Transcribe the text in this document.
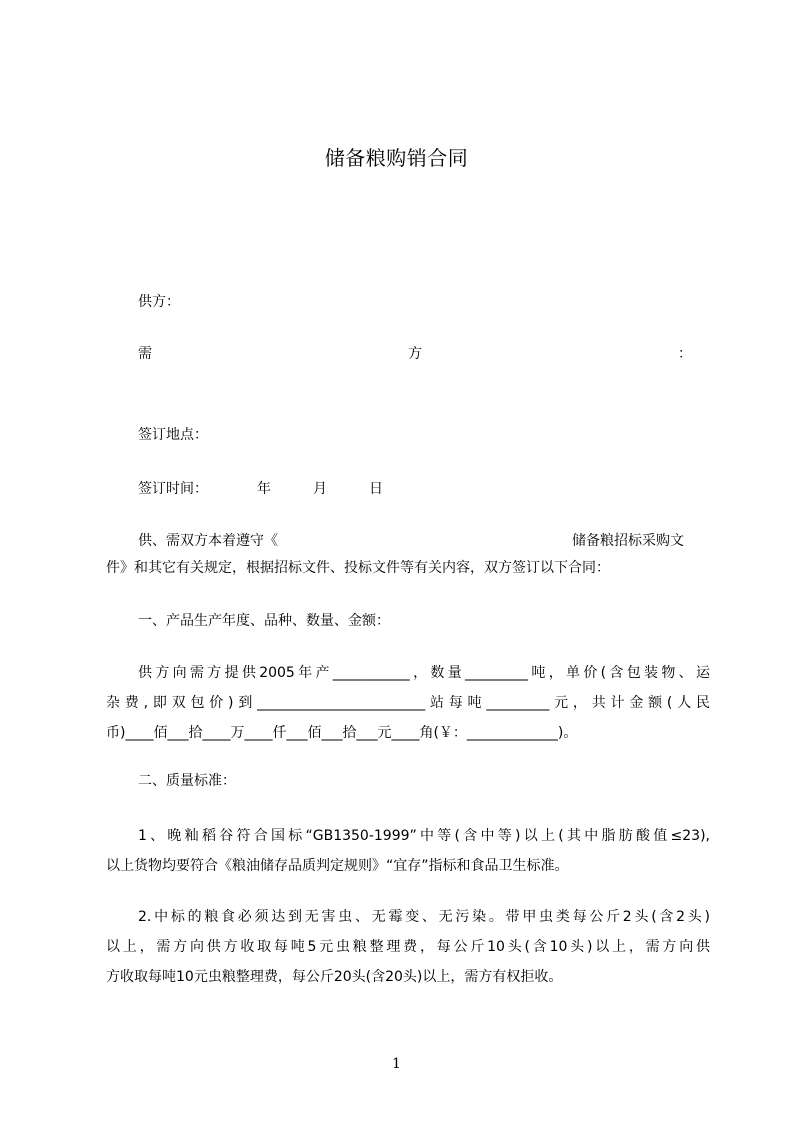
储备粮购销合同
供方：
需	方	：
签订地点：
签订时间：	年	月	日
供、需双方本着遵守《	储备粮招标采购文
件》和其它有关规定，根据招标文件、投标文件等有关内容，双方签订以下合同：
一、产品生产年度、品种、数量、金额：
供方向需方提供2005年产___________，数量_________吨，单价(含包装物、运
杂费,即双包价)到________________________站每吨_________元，共计金额(人民
币)____佰___拾____万____仟___佰___拾___元____角(￥：_____________)。
二、质量标准：
1、晚籼稻谷符合国标“GB1350-1999”中等(含中等)以上(其中脂肪酸值≤23),
以上货物均要符合《粮油储存品质判定规则》“宜存”指标和食品卫生标准。
2.中标的粮食必须达到无害虫、无霉变、无污染。带甲虫类每公斤2头(含2头)
以上，需方向供方收取每吨5元虫粮整理费，每公斤10头(含10头)以上，需方向供
方收取每吨10元虫粮整理费，每公斤20头(含20头)以上，需方有权拒收。
1
